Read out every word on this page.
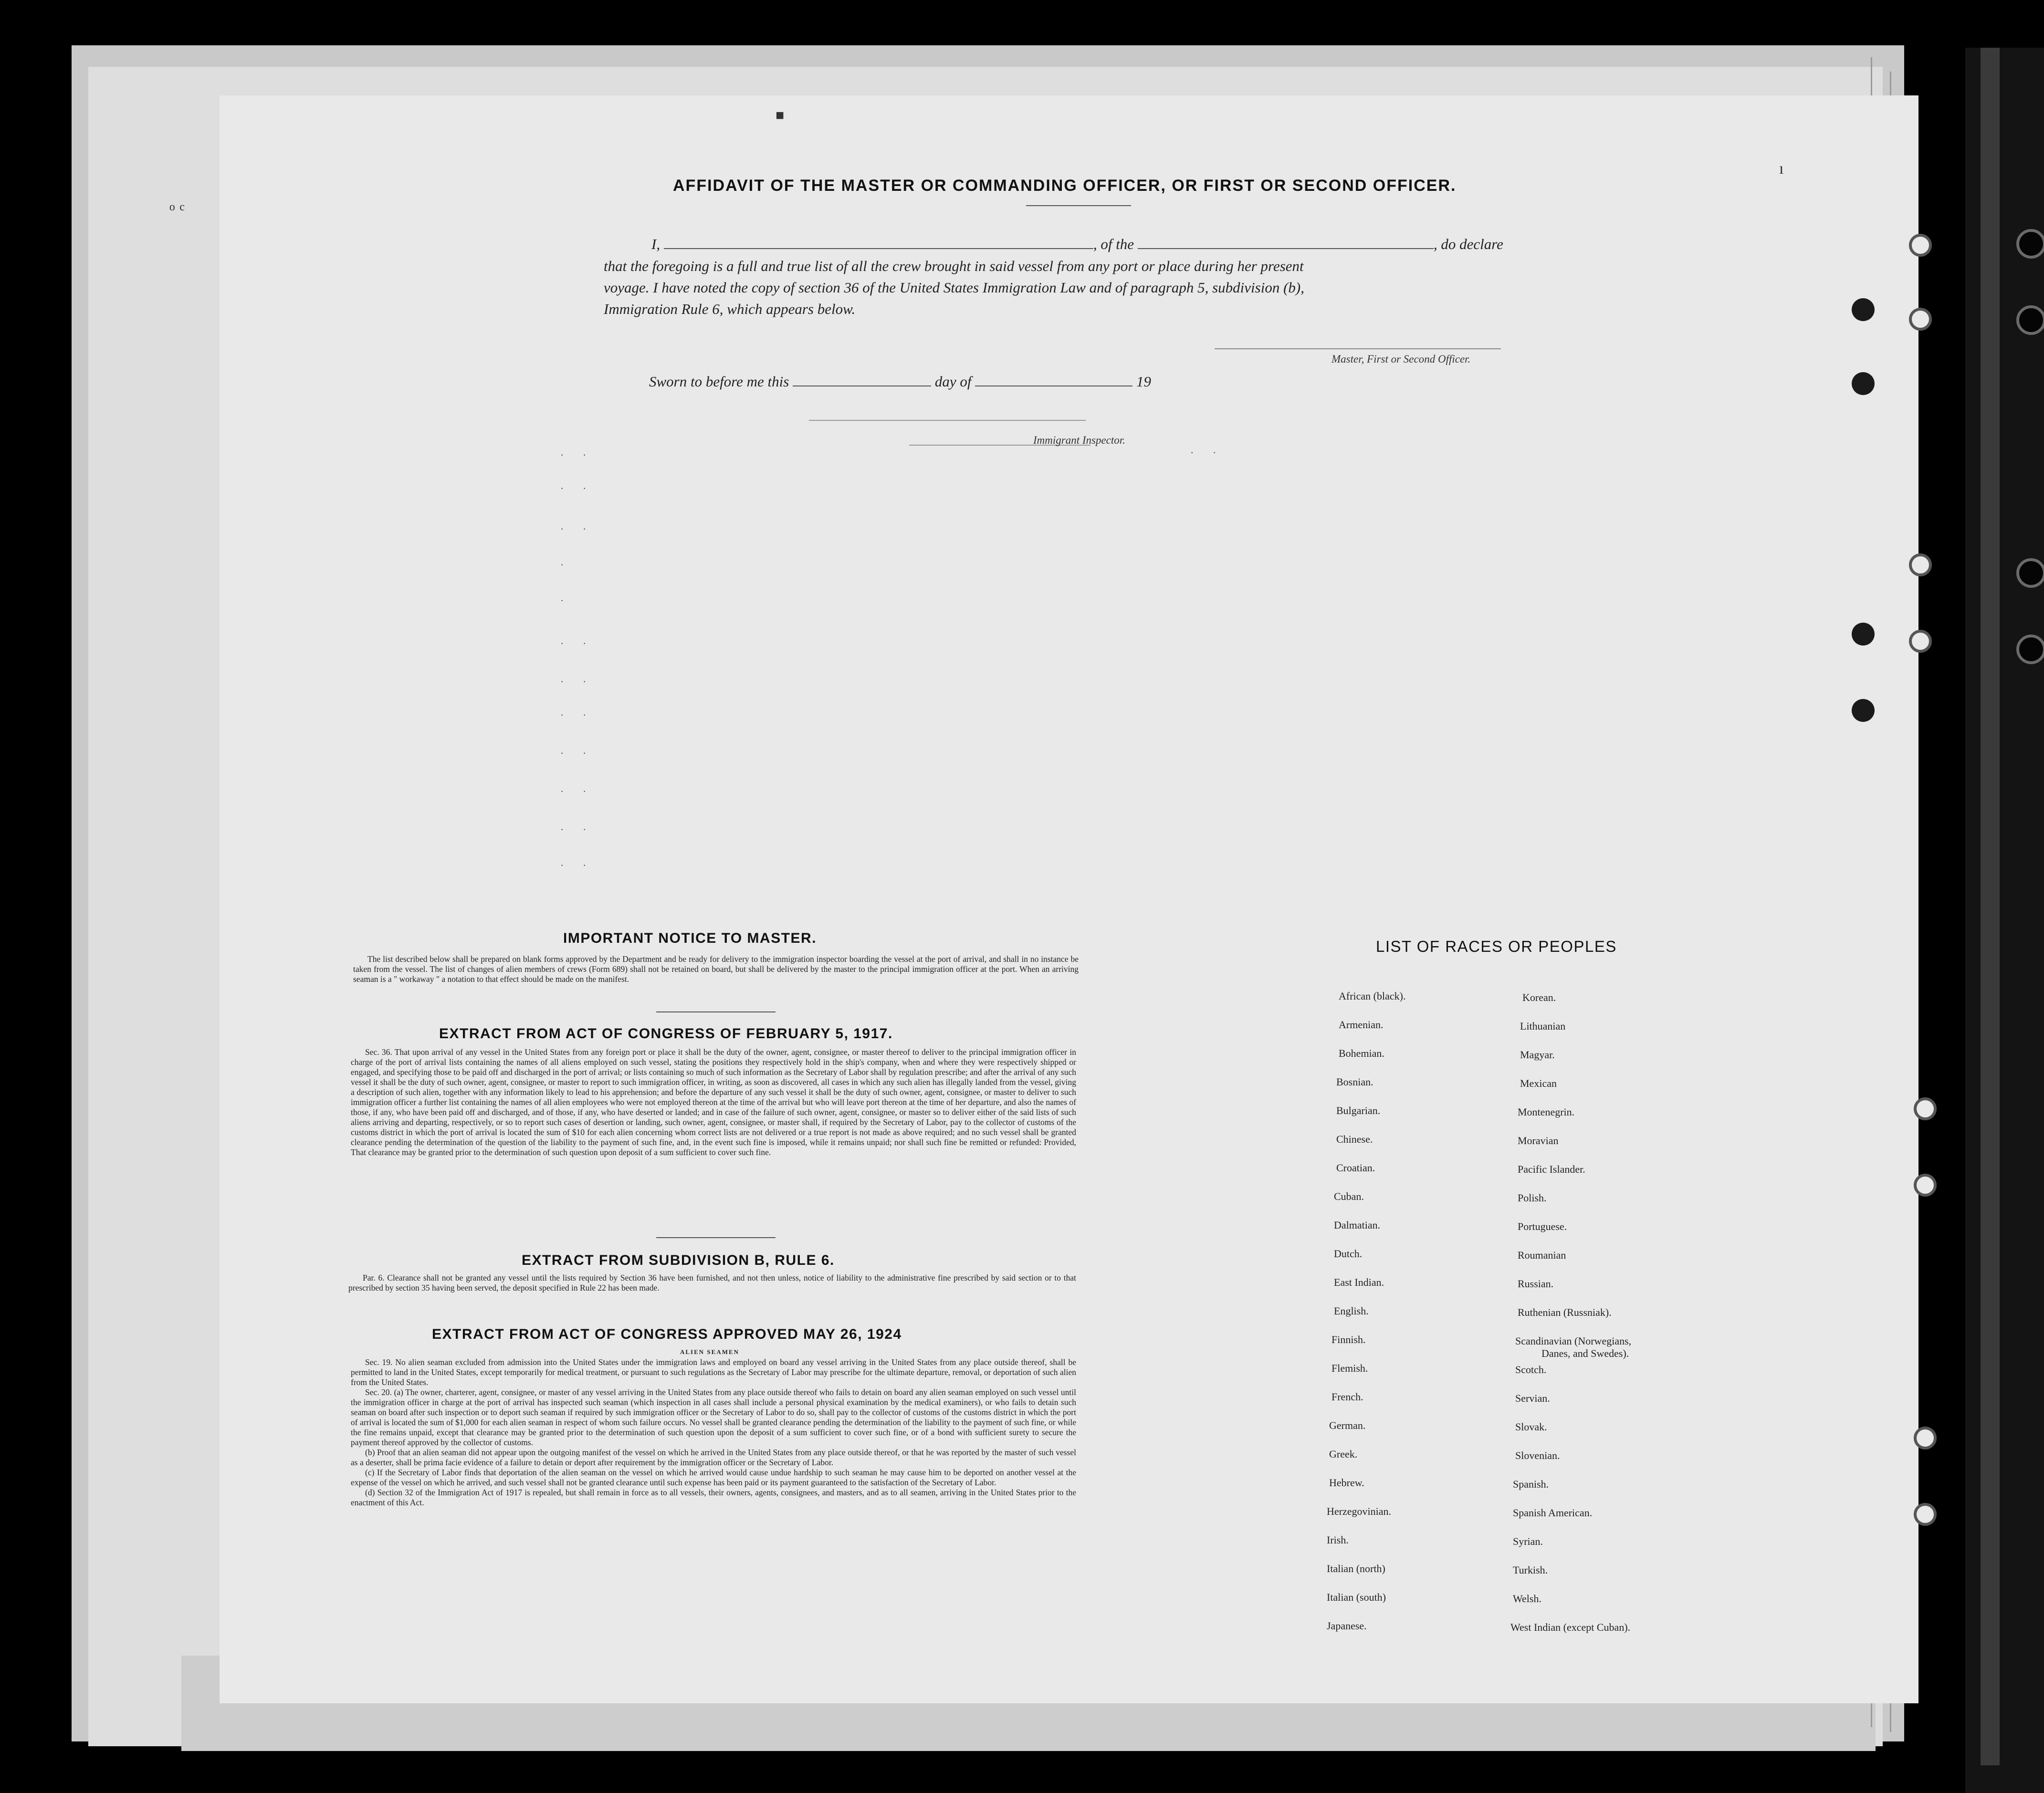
ᵒ ᶜ
■
ı
AFFIDAVIT OF THE MASTER OR COMMANDING OFFICER, OR FIRST OR SECOND OFFICER.
I,	, of the	, do declare
that the foregoing is a full and true list of all the crew brought in said vessel from any port or place during her present
voyage. I have noted the copy of section 36 of the United States Immigration Law and of paragraph 5, subdivision (b),
Immigration Rule 6, which appears below.
Master, First or Second Officer.
Sworn to before me this	day of	19
Immigrant Inspector.
. .
. .
. .
.
.
. .
. .
. .
. .
. .
. .
. .
. .
IMPORTANT NOTICE TO MASTER.

The list described below shall be prepared on blank forms approved by the Department and be ready for delivery to the immigration inspector boarding the vessel at the port of arrival, and shall in no instance be taken from the vessel. The list of changes of alien members of crews (Form 689) shall not be retained on board, but shall be delivered by the master to the principal immigration officer at the port. When an arriving seaman is a " workaway " a notation to that effect should be made on the manifest.

EXTRACT FROM ACT OF CONGRESS OF FEBRUARY 5, 1917.

Sec. 36. That upon arrival of any vessel in the United States from any foreign port or place it shall be the duty of the owner, agent, consignee, or master thereof to deliver to the principal immigration officer in charge of the port of arrival lists containing the names of all aliens employed on such vessel, stating the positions they respectively hold in the ship's company, when and where they were respectively shipped or engaged, and specifying those to be paid off and discharged in the port of arrival; or lists containing so much of such information as the Secretary of Labor shall by regulation prescribe; and after the arrival of any such vessel it shall be the duty of such owner, agent, consignee, or master to report to such immigration officer, in writing, as soon as discovered, all cases in which any such alien has illegally landed from the vessel, giving a description of such alien, together with any information likely to lead to his apprehension; and before the departure of any such vessel it shall be the duty of such owner, agent, consignee, or master to deliver to such immigration officer a further list containing the names of all alien employees who were not employed thereon at the time of the arrival but who will leave port thereon at the time of her departure, and also the names of those, if any, who have been paid off and discharged, and of those, if any, who have deserted or landed; and in case of the failure of such owner, agent, consignee, or master so to deliver either of the said lists of such aliens arriving and departing, respectively, or so to report such cases of desertion or landing, such owner, agent, consignee, or master shall, if required by the Secretary of Labor, pay to the collector of customs of the customs district in which the port of arrival is located the sum of $10 for each alien concerning whom correct lists are not delivered or a true report is not made as above required; and no such vessel shall be granted clearance pending the determination of the question of the liability to the payment of such fine, and, in the event such fine is imposed, while it remains unpaid; nor shall such fine be remitted or refunded: Provided, That clearance may be granted prior to the determination of such question upon deposit of a sum sufficient to cover such fine.

EXTRACT FROM SUBDIVISION B, RULE 6.

Par. 6. Clearance shall not be granted any vessel until the lists required by Section 36 have been furnished, and not then unless, notice of liability to the administrative fine prescribed by said section or to that prescribed by section 35 having been served, the deposit specified in Rule 22 has been made.

EXTRACT FROM ACT OF CONGRESS APPROVED MAY 26, 1924
ALIEN SEAMEN

Sec. 19. No alien seaman excluded from admission into the United States under the immigration laws and employed on board any vessel arriving in the United States from any place outside thereof, shall be permitted to land in the United States, except temporarily for medical treatment, or pursuant to such regulations as the Secretary of Labor may prescribe for the ultimate departure, removal, or deportation of such alien from the United States.

Sec. 20. (a) The owner, charterer, agent, consignee, or master of any vessel arriving in the United States from any place outside thereof who fails to detain on board any alien seaman employed on such vessel until the immigration officer in charge at the port of arrival has inspected such seaman (which inspection in all cases shall include a personal physical examination by the medical examiners), or who fails to detain such seaman on board after such inspection or to deport such seaman if required by such immigration officer or the Secretary of Labor to do so, shall pay to the collector of customs of the customs district in which the port of arrival is located the sum of $1,000 for each alien seaman in respect of whom such failure occurs. No vessel shall be granted clearance pending the determination of the liability to the payment of such fine, or while the fine remains unpaid, except that clearance may be granted prior to the determination of such question upon the deposit of a sum sufficient to cover such fine, or of a bond with sufficient surety to secure the payment thereof approved by the collector of customs.

(b) Proof that an alien seaman did not appear upon the outgoing manifest of the vessel on which he arrived in the United States from any place outside thereof, or that he was reported by the master of such vessel as a deserter, shall be prima facie evidence of a failure to detain or deport after requirement by the immigration officer or the Secretary of Labor.

(c) If the Secretary of Labor finds that deportation of the alien seaman on the vessel on which he arrived would cause undue hardship to such seaman he may cause him to be deported on another vessel at the expense of the vessel on which he arrived, and such vessel shall not be granted clearance until such expense has been paid or its payment guaranteed to the satisfaction of the Secretary of Labor.

(d) Section 32 of the Immigration Act of 1917 is repealed, but shall remain in force as to all vessels, their owners, agents, consignees, and masters, and as to all seamen, arriving in the United States prior to the enactment of this Act.

LIST OF RACES OR PEOPLES
African (black).
Armenian.
Bohemian.
Bosnian.
Bulgarian.
Chinese.
Croatian.
Cuban.
Dalmatian.
Dutch.
East Indian.
English.
Finnish.
Flemish.
French.
German.
Greek.
Hebrew.
Herzegovinian.
Irish.
Italian (north)
Italian (south)
Japanese.
Korean.
Lithuanian
Magyar.
Mexican
Montenegrin.
Moravian
Pacific Islander.
Polish.
Portuguese.
Roumanian
Russian.
Ruthenian (Russniak).
Scandinavian (Norwegians,
Danes, and Swedes).
Scotch.
Servian.
Slovak.
Slovenian.
Spanish.
Spanish American.
Syrian.
Turkish.
Welsh.
West Indian (except Cuban).
